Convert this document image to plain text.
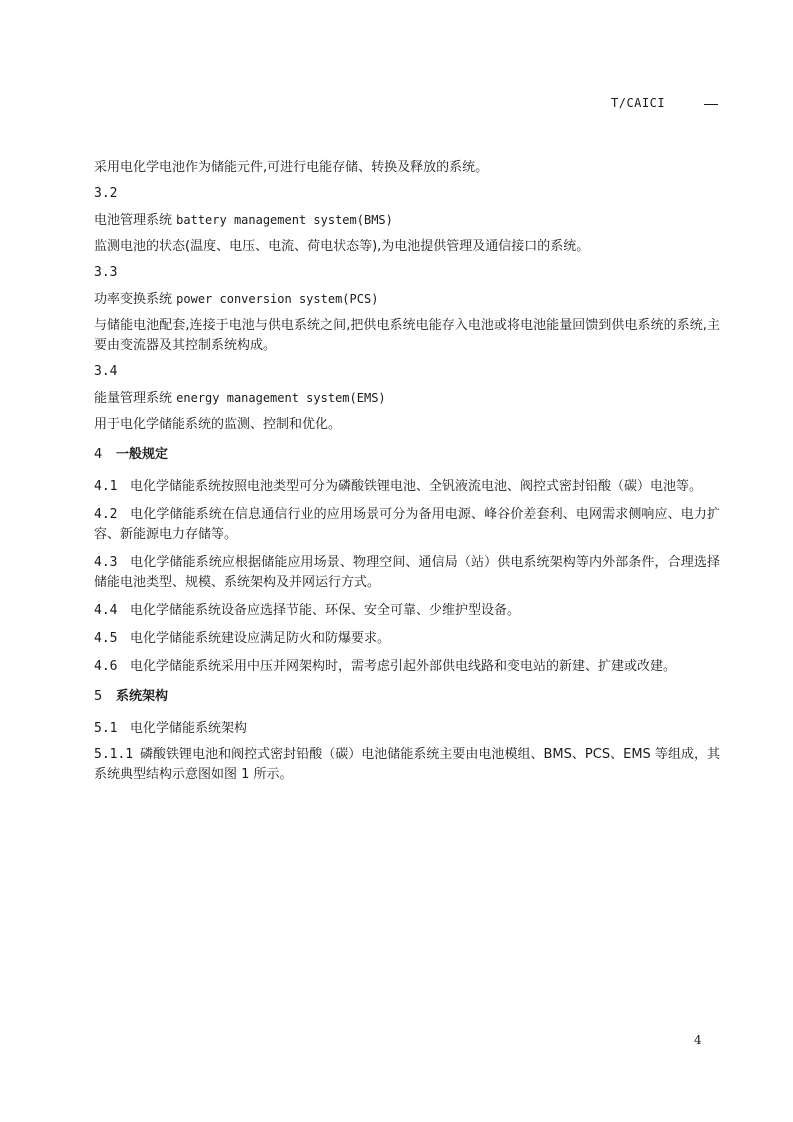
T/CAICI

采用电化学电池作为储能元件,可进行电能存储、转换及释放的系统。

3.2

电池管理系统 battery management system(BMS)

监测电池的状态(温度、电压、电流、荷电状态等),为电池提供管理及通信接口的系统。

3.3

功率变换系统 power conversion system(PCS)

与储能电池配套,连接于电池与供电系统之间,把供电系统电能存入电池或将电池能量回馈到供电系统的系统,主要由变流器及其控制系统构成。

3.4

能量管理系统 energy management system(EMS)

用于电化学储能系统的监测、控制和优化。

4 一般规定

4.1 电化学储能系统按照电池类型可分为磷酸铁锂电池、全钒液流电池、阀控式密封铅酸（碳）电池等。

4.2 电化学储能系统在信息通信行业的应用场景可分为备用电源、峰谷价差套利、电网需求侧响应、电力扩容、新能源电力存储等。

4.3 电化学储能系统应根据储能应用场景、物理空间、通信局（站）供电系统架构等内外部条件，合理选择储能电池类型、规模、系统架构及并网运行方式。

4.4 电化学储能系统设备应选择节能、环保、安全可靠、少维护型设备。

4.5 电化学储能系统建设应满足防火和防爆要求。

4.6 电化学储能系统采用中压并网架构时，需考虑引起外部供电线路和变电站的新建、扩建或改建。

5 系统架构

5.1 电化学储能系统架构

5.1.1 磷酸铁锂电池和阀控式密封铅酸（碳）电池储能系统主要由电池模组、BMS、PCS、EMS 等组成，其系统典型结构示意图如图 1 所示。

4
